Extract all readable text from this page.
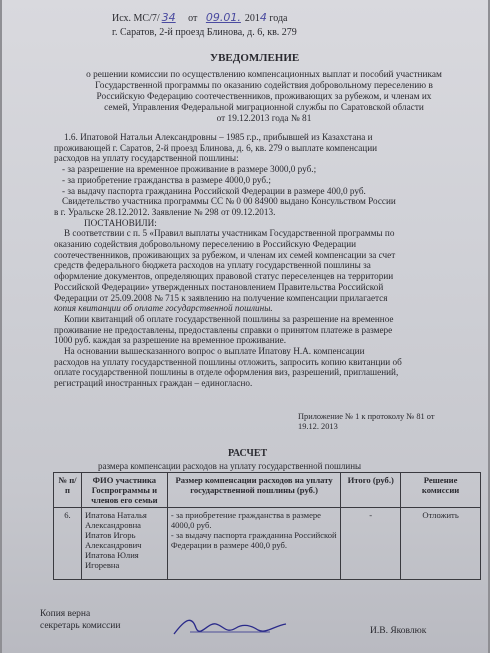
Исх. МС/7/ 34 от 09.01. 2014 года
г. Саратов, 2-й проезд Блинова, д. 6, кв. 279
УВЕДОМЛЕНИЕ
о решении комиссии по осуществлению компенсационных выплат и пособий участникам
Государственной программы по оказанию содействия добровольному переселению в
Российскую Федерацию соотечественников, проживающих за рубежом, и членам их
семей, Управления Федеральной миграционной службы по Саратовской области
от 19.12.2013 года № 81
1.6. Ипатовой Натальи Александровны – 1985 г.р., прибывшей из Казахстана и
проживающей г. Саратов, 2-й проезд Блинова, д. 6, кв. 279 о выплате компенсации
расходов на уплату государственной пошлины:
- за разрешение на временное проживание в размере 3000,0 руб.;
- за приобретение гражданства в размере 4000,0 руб.;
- за выдачу паспорта гражданина Российской Федерации в размере 400,0 руб.
Свидетельство участника программы СС № 0 00 84900 выдано Консульством России
в г. Уральске 28.12.2012. Заявление № 298 от 09.12.2013.
ПОСТАНОВИЛИ:
В соответствии с п. 5 «Правил выплаты участникам Государственной программы по
оказанию содействия добровольному переселению в Российскую Федерации
соотечественников, проживающих за рубежом, и членам их семей компенсации за счет
средств федерального бюджета расходов на уплату государственной пошлины за
оформление документов, определяющих правовой статус переселенцев на территории
Российской Федерации» утвержденных постановлением Правительства Российской
Федерации от 25.09.2008 № 715 к заявлению на получение компенсации прилагается
копия квитанции об оплате государственной пошлины.
Копии квитанций об оплате государственной пошлины за разрешение на временное
проживание не предоставлены, предоставлены справки о принятом платеже в размере
1000 руб. каждая за разрешение на временное проживание.
На основании вышесказанного вопрос о выплате Ипатову Н.А. компенсации
расходов на уплату государственной пошлины отложить, запросить копию квитанции об
оплате государственной пошлины в отделе оформления виз, разрешений, приглашений,
регистраций иностранных граждан – единогласно.
Приложение № 1 к протоколу № 81 от
19.12. 2013
РАСЧЕТ
размера компенсации расходов на уплату государственной пошлины
№ п/п	ФИО участника Госпрограммы и членов его семьи	Размер компенсации расходов на уплату государственной пошлины (руб.)	Итого (руб.)	Решение комиссии
6.	Ипатова Наталья Александровна Ипатов Игорь Александрович Ипатова Юлия Игоревна	- за приобретение гражданства в размере 4000,0 руб.
- за выдачу паспорта гражданина Российской Федерации в размере 400,0 руб.	-	Отложить
Копия верна
секретарь комиссии	И.В. Яковлюк
